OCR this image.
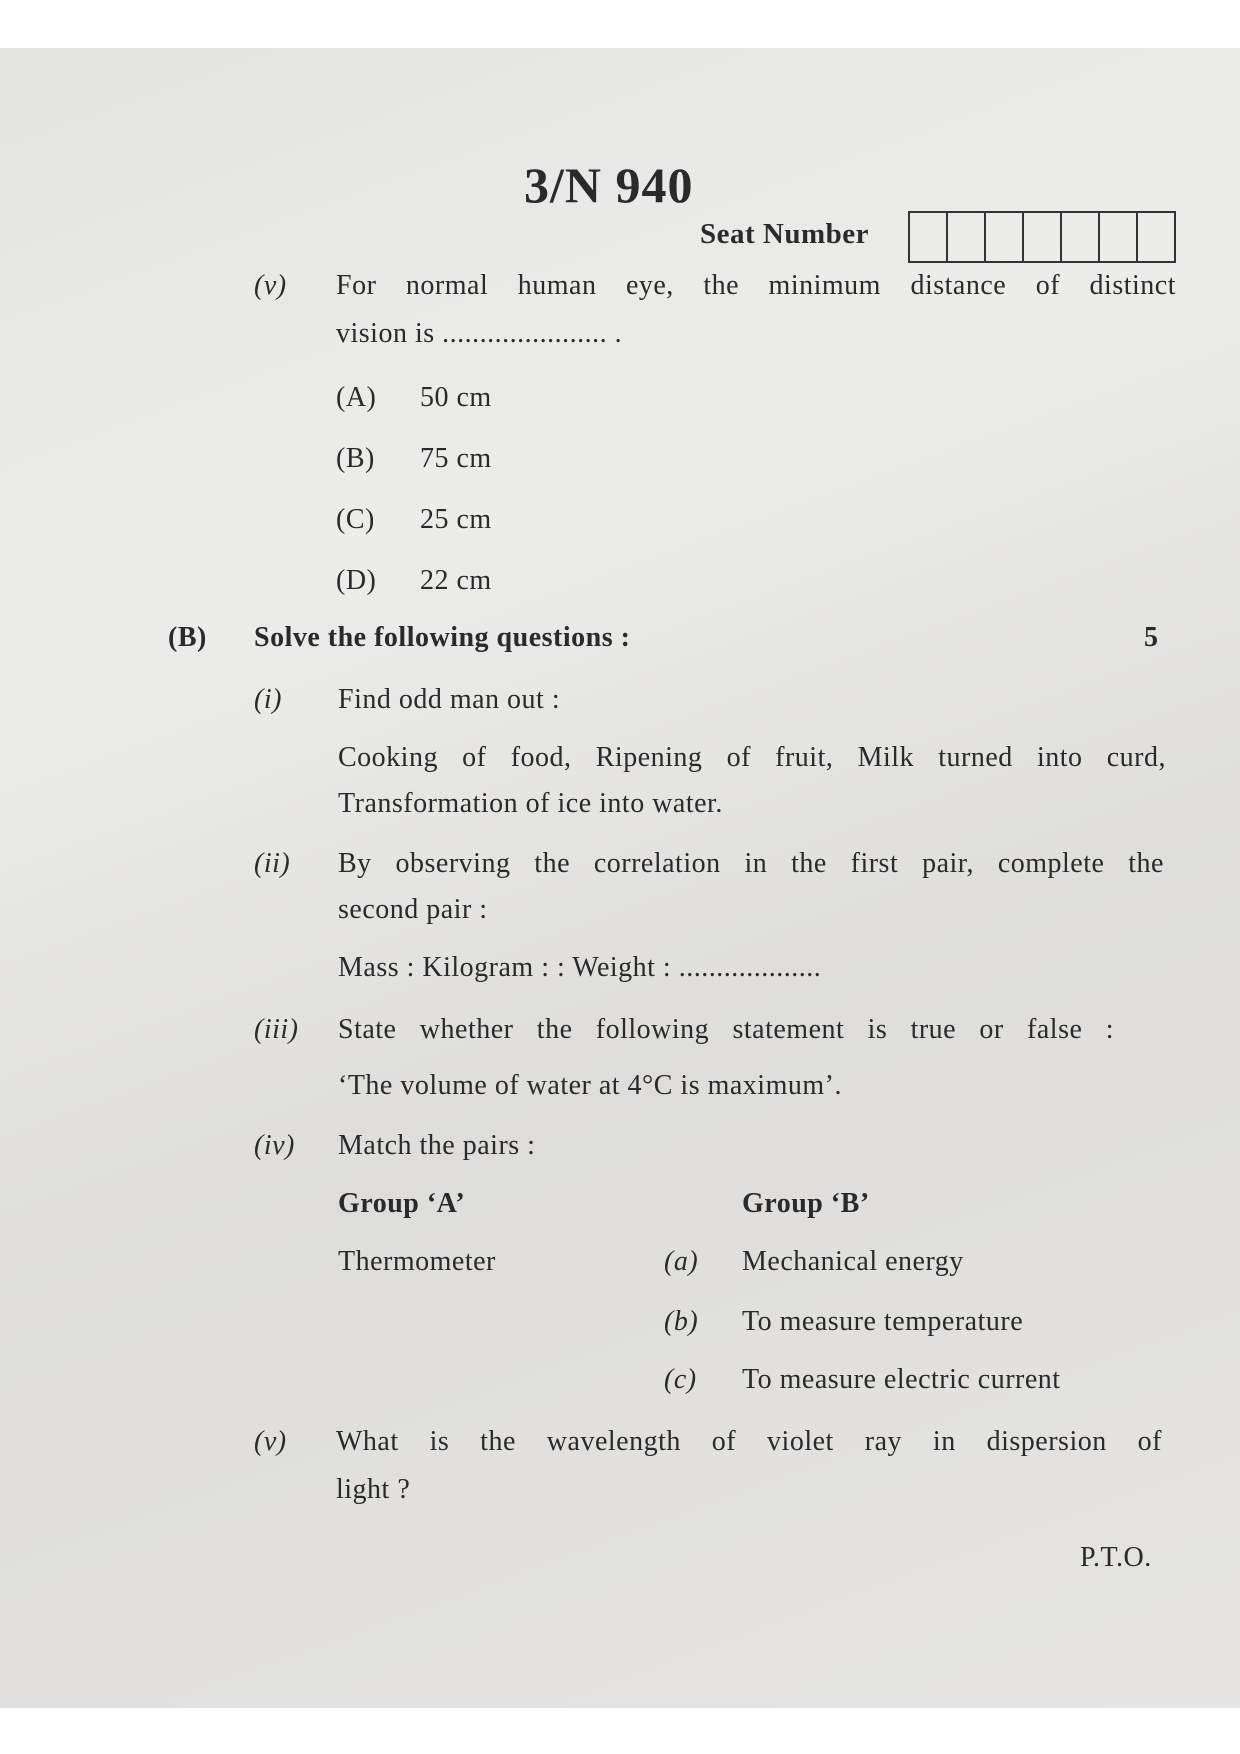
3/N 940
Seat Number
(v) For normal human eye, the minimum distance of distinct
vision is ...................... .
(A) 50 cm
(B) 75 cm
(C) 25 cm
(D) 22 cm
(B) Solve the following questions :	5
(i) Find odd man out :
Cooking of food, Ripening of fruit, Milk turned into curd,
Transformation of ice into water.
(ii) By observing the correlation in the first pair, complete the
second pair :
Mass : Kilogram : : Weight : ...................
(iii) State whether the following statement is true or false :
‘The volume of water at 4°C is maximum’.
(iv) Match the pairs :
Group ‘A’	Group ‘B’
Thermometer	(a) Mechanical energy
(b) To measure temperature
(c) To measure electric current
(v) What is the wavelength of violet ray in dispersion of
light ?
P.T.O.
